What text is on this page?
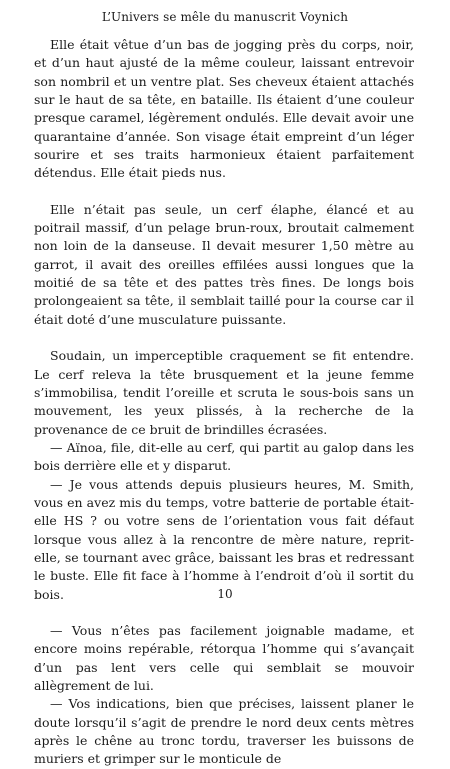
L’Univers se mêle du manuscrit Voynich

Elle était vêtue d’un bas de jogging près du corps, noir, et d’un haut ajusté de la même couleur, laissant entrevoir son nombril et un ventre plat. Ses cheveux étaient attachés sur le haut de sa tête, en bataille. Ils étaient d’une couleur presque caramel, légèrement ondulés. Elle devait avoir une quarantaine d’année. Son visage était empreint d’un léger sourire et ses traits harmonieux étaient parfaitement détendus. Elle était pieds nus.

Elle n’était pas seule, un cerf élaphe, élancé et au poitrail massif, d’un pelage brun-roux, broutait calmement non loin de la danseuse. Il devait mesurer 1,50 mètre au garrot, il avait des oreilles effilées aussi longues que la moitié de sa tête et des pattes très fines. De longs bois prolongeaient sa tête, il semblait taillé pour la course car il était doté d’une musculature puissante.

Soudain, un imperceptible craquement se fit entendre. Le cerf releva la tête brusquement et la jeune femme s’immobilisa, tendit l’oreille et scruta le sous-bois sans un mouvement, les yeux plissés, à la recherche de la provenance de ce bruit de brindilles écrasées.

— Aïnoa, file, dit-elle au cerf, qui partit au galop dans les bois derrière elle et y disparut.

— Je vous attends depuis plusieurs heures, M. Smith, vous en avez mis du temps, votre batterie de portable était-elle HS ? ou votre sens de l’orientation vous fait défaut lorsque vous allez à la rencontre de mère nature, reprit-elle, se tournant avec grâce, baissant les bras et redressant le buste. Elle fit face à l’homme à l’endroit d’où il sortit du bois.

— Vous n’êtes pas facilement joignable madame, et encore moins repérable, rétorqua l’homme qui s’avançait d’un pas lent vers celle qui semblait se mouvoir allègrement de lui.

— Vos indications, bien que précises, laissent planer le doute lorsqu’il s’agit de prendre le nord deux cents mètres après le chêne au tronc tordu, traverser les buissons de muriers et grimper sur le monticule de

10
